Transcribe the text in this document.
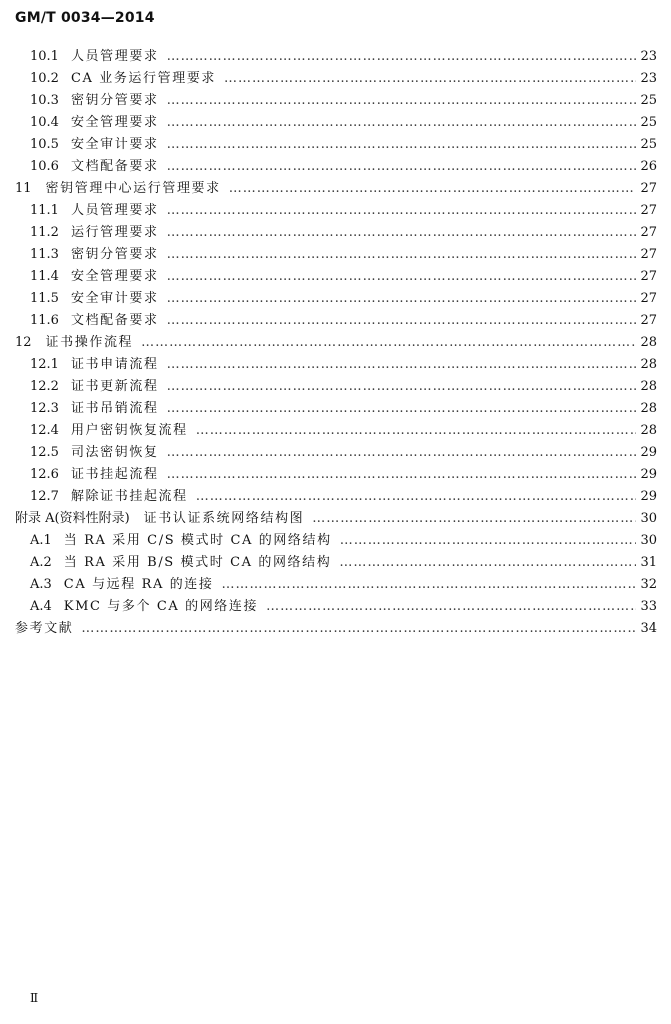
GM/T 0034—2014
10.1 人员管理要求 ……………………………………………………………………………………………………………………………………………………………………………………………………	23
10.2 CA 业务运行管理要求 ……………………………………………………………………………………………………………………………………………………………………………………………………	23
10.3 密钥分管要求 ……………………………………………………………………………………………………………………………………………………………………………………………………	25
10.4 安全管理要求 ……………………………………………………………………………………………………………………………………………………………………………………………………	25
10.5 安全审计要求 ……………………………………………………………………………………………………………………………………………………………………………………………………	25
10.6 文档配备要求 ……………………………………………………………………………………………………………………………………………………………………………………………………	26
11 密钥管理中心运行管理要求 ……………………………………………………………………………………………………………………………………………………………………………………………………	27
11.1 人员管理要求 ……………………………………………………………………………………………………………………………………………………………………………………………………	27
11.2 运行管理要求 ……………………………………………………………………………………………………………………………………………………………………………………………………	27
11.3 密钥分管要求 ……………………………………………………………………………………………………………………………………………………………………………………………………	27
11.4 安全管理要求 ……………………………………………………………………………………………………………………………………………………………………………………………………	27
11.5 安全审计要求 ……………………………………………………………………………………………………………………………………………………………………………………………………	27
11.6 文档配备要求 ……………………………………………………………………………………………………………………………………………………………………………………………………	27
12 证书操作流程 ……………………………………………………………………………………………………………………………………………………………………………………………………	28
12.1 证书申请流程 ……………………………………………………………………………………………………………………………………………………………………………………………………	28
12.2 证书更新流程 ……………………………………………………………………………………………………………………………………………………………………………………………………	28
12.3 证书吊销流程 ……………………………………………………………………………………………………………………………………………………………………………………………………	28
12.4 用户密钥恢复流程 ……………………………………………………………………………………………………………………………………………………………………………………………………	28
12.5 司法密钥恢复 ……………………………………………………………………………………………………………………………………………………………………………………………………	29
12.6 证书挂起流程 ……………………………………………………………………………………………………………………………………………………………………………………………………	29
12.7 解除证书挂起流程 ……………………………………………………………………………………………………………………………………………………………………………………………………	29
附录 A(资料性附录) 证书认证系统网络结构图 ……………………………………………………………………………………………………………………………………………………………………………………………………	30
A.1 当 RA 采用 C/S 模式时 CA 的网络结构 ……………………………………………………………………………………………………………………………………………………………………………………………………	30
A.2 当 RA 采用 B/S 模式时 CA 的网络结构 ……………………………………………………………………………………………………………………………………………………………………………………………………	31
A.3 CA 与远程 RA 的连接 ……………………………………………………………………………………………………………………………………………………………………………………………………	32
A.4 KMC 与多个 CA 的网络连接 ……………………………………………………………………………………………………………………………………………………………………………………………………	33
参考文献 ……………………………………………………………………………………………………………………………………………………………………………………………………	34
Ⅱ
